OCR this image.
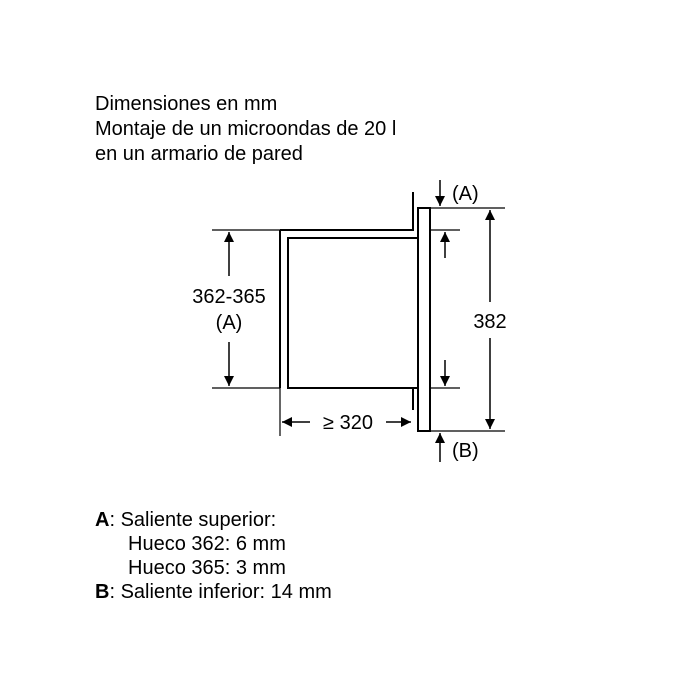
Dimensiones en mm
Montaje de un microondas de 20 l
en un armario de pared
362-365
(A)	382
(A)
(B)
≥ 320
A: Saliente superior:
Hueco 362: 6 mm
Hueco 365: 3 mm
B: Saliente inferior: 14 mm
